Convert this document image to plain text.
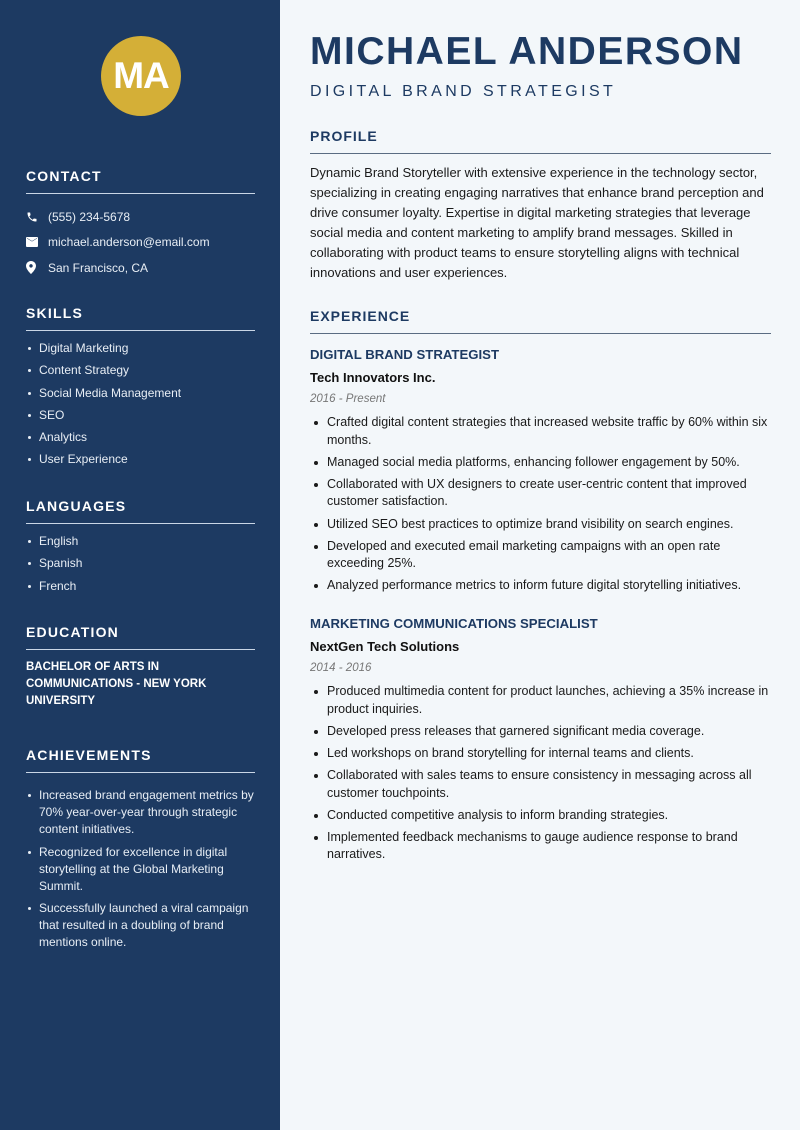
MA
CONTACT
(555) 234-5678
michael.anderson@email.com
San Francisco, CA
SKILLS
Digital Marketing
Content Strategy
Social Media Management
SEO
Analytics
User Experience
LANGUAGES
English
Spanish
French
EDUCATION
BACHELOR OF ARTS IN COMMUNICATIONS - NEW YORK UNIVERSITY
ACHIEVEMENTS
Increased brand engagement metrics by 70% year-over-year through strategic content initiatives.
Recognized for excellence in digital storytelling at the Global Marketing Summit.
Successfully launched a viral campaign that resulted in a doubling of brand mentions online.
MICHAEL ANDERSON
DIGITAL BRAND STRATEGIST
PROFILE

Dynamic Brand Storyteller with extensive experience in the technology sector, specializing in creating engaging narratives that enhance brand perception and drive consumer loyalty. Expertise in digital marketing strategies that leverage social media and content marketing to amplify brand messages. Skilled in collaborating with product teams to ensure storytelling aligns with technical innovations and user experiences.

EXPERIENCE
DIGITAL BRAND STRATEGIST
Tech Innovators Inc.
2016 - Present
Crafted digital content strategies that increased website traffic by 60% within six months.
Managed social media platforms, enhancing follower engagement by 50%.
Collaborated with UX designers to create user-centric content that improved customer satisfaction.
Utilized SEO best practices to optimize brand visibility on search engines.
Developed and executed email marketing campaigns with an open rate exceeding 25%.
Analyzed performance metrics to inform future digital storytelling initiatives.
MARKETING COMMUNICATIONS SPECIALIST
NextGen Tech Solutions
2014 - 2016
Produced multimedia content for product launches, achieving a 35% increase in product inquiries.
Developed press releases that garnered significant media coverage.
Led workshops on brand storytelling for internal teams and clients.
Collaborated with sales teams to ensure consistency in messaging across all customer touchpoints.
Conducted competitive analysis to inform branding strategies.
Implemented feedback mechanisms to gauge audience response to brand narratives.
